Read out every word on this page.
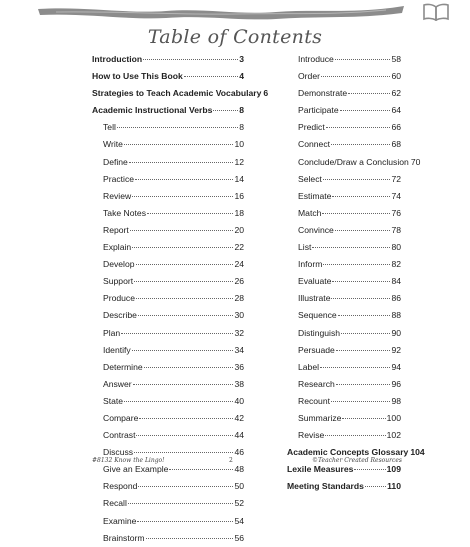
Table of Contents
Introduction	3
How to Use This Book	4
Strategies to Teach Academic Vocabulary 6
Academic Instructional Verbs	8
Tell	8
Write	10
Define	12
Practice	14
Review	16
Take Notes	18
Report	20
Explain	22
Develop	24
Support	26
Produce	28
Describe	30
Plan	32
Identify	34
Determine	36
Answer	38
State	40
Compare	42
Contrast	44
Discuss	46
Give an Example	48
Respond	50
Recall	52
Examine	54
Brainstorm	56
Introduce	58
Order	60
Demonstrate	62
Participate	64
Predict	66
Connect	68
Conclude/Draw a Conclusion 70
Select	72
Estimate	74
Match	76
Convince	78
List	80
Inform	82
Evaluate	84
Illustrate	86
Sequence	88
Distinguish	90
Persuade	92
Label	94
Research	96
Recount	98
Summarize	100
Revise	102
Academic Concepts Glossary 104
Lexile Measures	109
Meeting Standards	110
#8132 Know the Lingo!	2	©Teacher Created Resources
